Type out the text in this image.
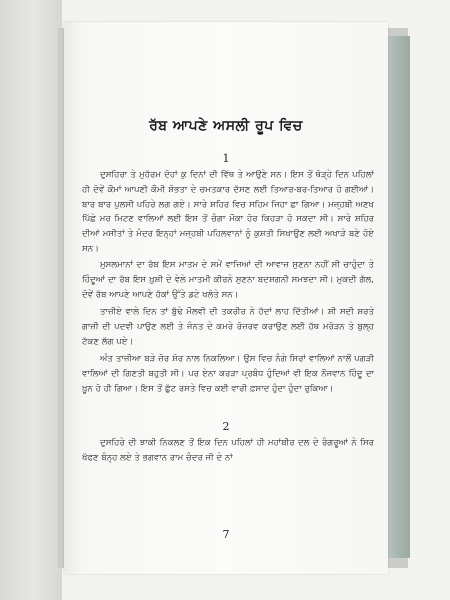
ਰੱਬ ਆਪਣੇ ਅਸਲੀ ਰੂਪ ਵਿਚ
1

ਦੁਸਹਿਰਾ ਤੇ ਮੁਹੱਰਮ ਦੋਹਾਂ ਕੁ ਦਿਨਾਂ ਦੀ ਵਿੱਥ ਤੇ ਆਉਣੇ ਸਨ। ਇਸ ਤੋਂ ਥੋੜ੍ਹੇ ਦਿਨ ਪਹਿਲਾਂ ਹੀ ਦੋਵੇਂ ਕੌਮਾਂ ਆਪਣੀ ਕੌਮੀ ਸ਼ੋਭਤਾ ਦੇ ਚਮਤਕਾਰ ਦੱਸਣ ਲਈ ਤਿਆਰ-ਬਰ-ਤਿਆਰ ਹੋ ਗਈਆਂ। ਬਾਰ ਬਾਰ ਪੁਲਸੀ ਪਹਿਰੇ ਲਗ ਗਏ। ਸਾਰੇ ਸ਼ਹਿਰ ਵਿਚ ਸਹਿਮ ਜਿਹਾ ਛਾ ਗਿਆ। ਮਜ਼੍ਹਬੀ ਅਣਖ ਪਿੱਛੇ ਮਰ ਮਿਟਣ ਵਾਲਿਆਂ ਲਈ ਇਸ ਤੋਂ ਚੰਗਾ ਮੌਕਾ ਹੋਰ ਕਿਹੜਾ ਹੋ ਸਕਦਾ ਸੀ। ਸਾਰੇ ਸ਼ਹਿਰ ਦੀਆਂ ਮਸੀਤਾਂ ਤੇ ਮੰਦਰ ਇਨ੍ਹਾਂ ਮਜ਼੍ਹਬੀ ਪਹਿਲਵਾਨਾਂ ਨੂੰ ਕੁਸ਼ਤੀ ਸਿਖਾਉਣ ਲਈ ਅਖਾੜੇ ਬਣੇ ਹੋਏ ਸਨ।

ਮੁਸਲਮਾਨਾਂ ਦਾ ਰੱਬ ਇਸ ਮਾਤਮ ਦੇ ਸਮੇਂ ਵਾਜਿਆਂ ਦੀ ਆਵਾਜ਼ ਸੁਣਨਾ ਨਹੀਂ ਸੀ ਚਾਹੁੰਦਾ ਤੇ ਹਿੰਦੂਆਂ ਦਾ ਰੱਬ ਇਸ ਖ਼ੁਸ਼ੀ ਦੇ ਵੇਲੇ ਮਾਤਮੀ ਕੀਰਨੇ ਸੁਣਨਾ ਬਦਸ਼ਗਨੀ ਸਮਝਦਾ ਸੀ। ਮੁਕਦੀ ਗੱਲ, ਦੋਵੇਂ ਰੱਬ ਆਪਣੇ ਆਪਣੇ ਹੱਕਾਂ ਉੱਤੇ ਡਟੇ ਖਲੋਤੇ ਸਨ।

ਤਾਜ਼ੀਏ ਵਾਲੇ ਦਿਨ ਤਾਂ ਬੁੱਢੇ ਮੌਲਵੀ ਦੀ ਤਕਰੀਰ ਨੇ ਹੱਦਾਂ ਲਾਹ ਦਿੱਤੀਆਂ। ਸ਼ੀ ਸਦੀ ਸ਼ਰਤੇ ਗਾਜ਼ੀ ਦੀ ਪਦਵੀ ਪਾਉਣ ਲਈ ਤੇ ਜੰਨਤ ਦੇ ਕਮਰੇ ਰੋਜ਼ਰਵ ਕਰਾਉਣ ਲਈ ਹੱਥ ਮਰੋੜਨ ਤੇ ਬੁਲ੍ਹ ਟੱਕਣ ਲੱਗ ਪਏ।

ਅੰਤ ਤਾਜ਼ੀਆ ਬੜੇ ਜ਼ੋਰ ਸ਼ੋਰ ਨਾਲ ਨਿਕਲਿਆ। ਉਸ ਵਿਚ ਨੰਗੇ ਸਿਰਾਂ ਵਾਲਿਆਂ ਨਾਲੋਂ ਪਗੜੀ ਵਾਲਿਆਂ ਦੀ ਗਿਣਤੀ ਬਹੁਤੀ ਸੀ। ਪਰ ਏਨਾ ਕਰੜਾ ਪ੍ਰਬੰਧ ਹੁੰਦਿਆਂ ਵੀ ਇਕ ਨੌਜਵਾਨ ਹਿੰਦੂ ਦਾ ਖ਼ੂਨ ਹੋ ਹੀ ਗਿਆ। ਇਸ ਤੋਂ ਛੁੱਟ ਰਸਤੇ ਵਿਚ ਕਈ ਵਾਰੀ ਫ਼ਸਾਦ ਹੁੰਦਾ ਹੁੰਦਾ ਰੁਕਿਆ।

2

ਦੁਸਹਿਰੇ ਦੀ ਝਾਕੀ ਨਿਕਲਣ ਤੋਂ ਇਕ ਦਿਨ ਪਹਿਲਾਂ ਹੀ ਮਹਾਂਬੀਰ ਦਲ ਦੇ ਰੰਗਰੂਆਂ ਨੇ ਸਿਰ ਖੱਫਣ ਬੰਨ੍ਹ ਲਏ ਤੇ ਭਗਵਾਨ ਰਾਮ ਚੰਦਰ ਜੀ ਦੇ ਨਾਂ

7
